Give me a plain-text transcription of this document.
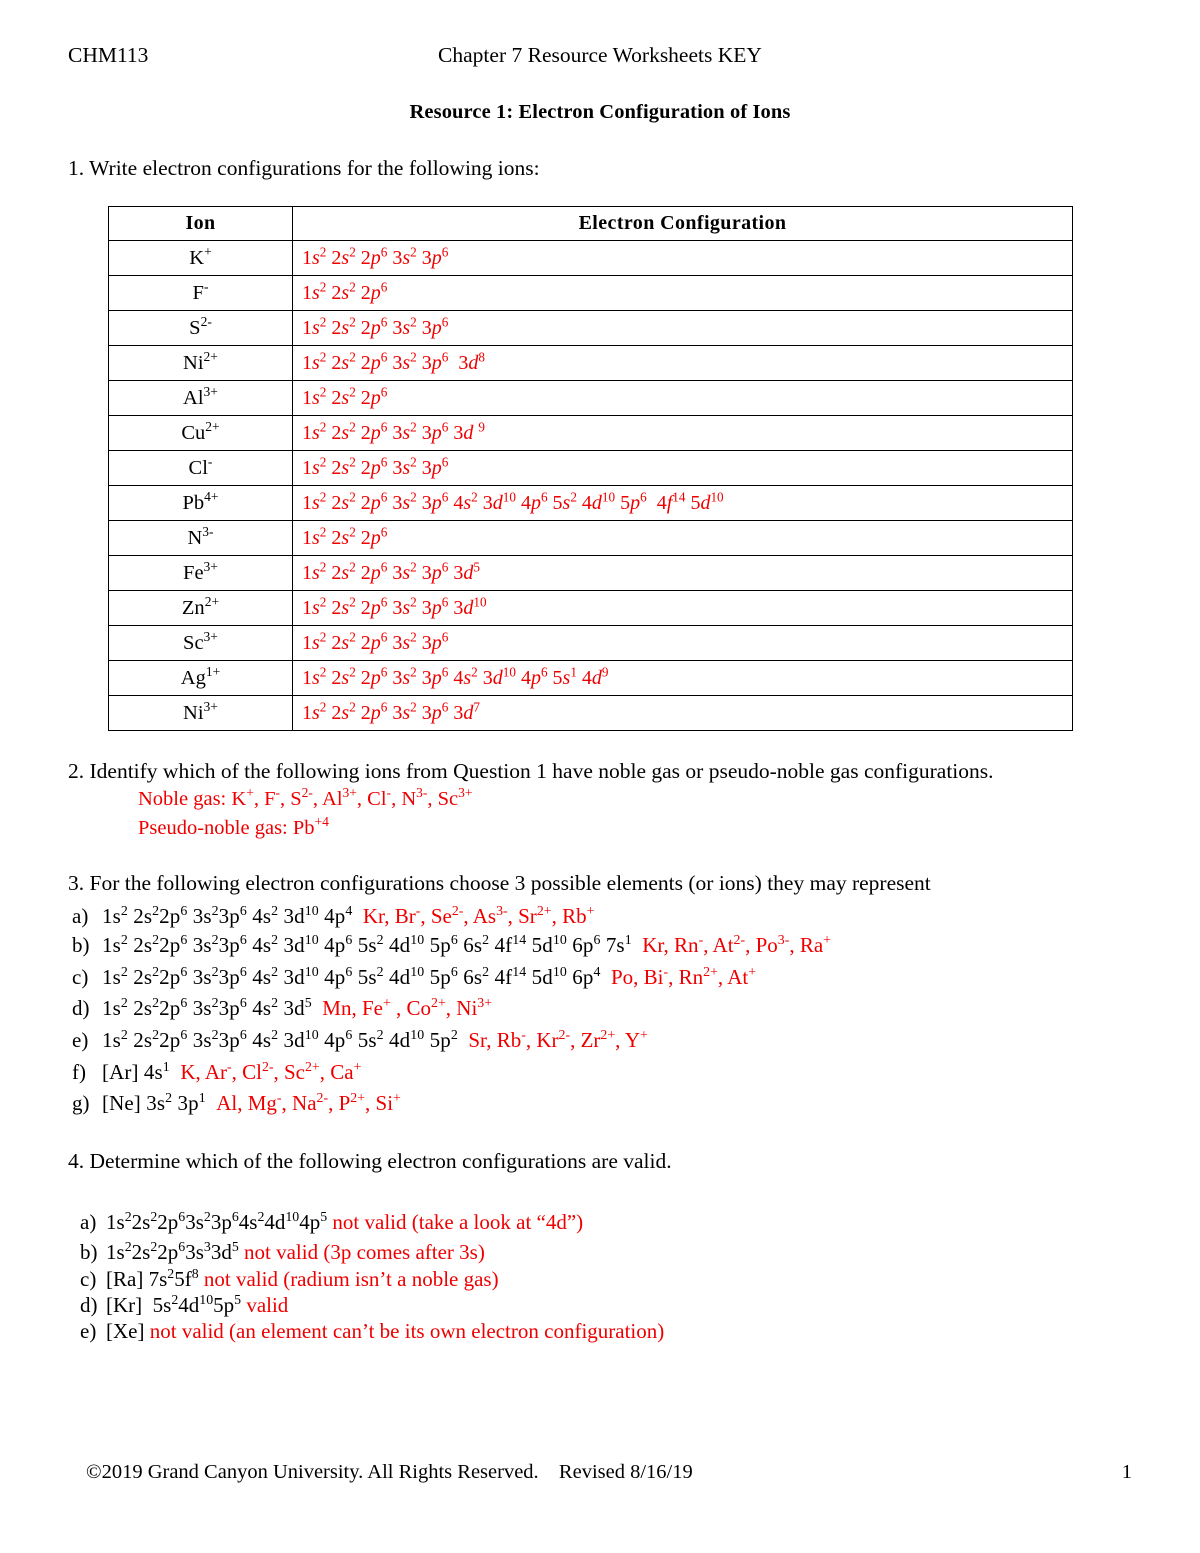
CHM113	Chapter 7 Resource Worksheets KEY
Resource 1: Electron Configuration of Ions
1. Write electron configurations for the following ions:
Ion	Electron Configuration
K+	$1s^2$ $2s^2$ $2p^6$ $3s^2$ $3p^6$
F-	$1s^2$ $2s^2$ $2p^6$
$S^{2-}$	$1s^2$ $2s^2$ $2p^6$ $3s^2$ $3p^6$
$Ni^{2+}$	$1s^2$ $2s^2$ $2p^6$ $3s^2$ $3p^6$  $3d^8$
$Al^{3+}$	$1s^2$ $2s^2$ $2p^6$
$Cu^{2+}$	$1s^2$ $2s^2$ $2p^6$ $3s^2$ $3p^6$ 3d $^9$
Cl-	$1s^2$ $2s^2$ $2p^6$ $3s^2$ $3p^6$
$Pb^{4+}$	$1s^2$ $2s^2$ $2p^6$ $3s^2$ $3p^6$ $4s^2$ $3d^{10}$ $4p^6$ $5s^2$ $4d^{10}$ $5p^6$  $4f^{14}$ $5d^{10}$
$N^{3-}$	$1s^2$ $2s^2$ $2p^6$
$Fe^{3+}$	$1s^2$ $2s^2$ $2p^6$ $3s^2$ $3p^6$ $3d^5$
$Zn^{2+}$	$1s^2$ $2s^2$ $2p^6$ $3s^2$ $3p^6$ $3d^{10}$
$Sc^{3+}$	$1s^2$ $2s^2$ $2p^6$ $3s^2$ $3p^6$
$Ag^{1+}$	$1s^2$ $2s^2$ $2p^6$ $3s^2$ $3p^6$ $4s^2$ $3d^{10}$ $4p^6$ $5s^1$ $4d^9$
$Ni^{3+}$	$1s^2$ $2s^2$ $2p^6$ $3s^2$ $3p^6$ $3d^7$
2. Identify which of the following ions from Question 1 have noble gas or pseudo-noble gas configurations.
Noble gas: K+, F-, $S^{2-}$, $Al^{3+}$, Cl-, $N^{3-}$, $Sc^{3+}$
Pseudo-noble gas: $Pb^{+4}$
3. For the following electron configurations choose 3 possible elements (or ions) they may represent
a) $1s^2$ $2s^22p^6$ $3s^23p^6$ $4s^2$ $3d^{10}$ $4p^4$  Kr, Br-, $Se^{2-}$, $As^{3-}$, $Sr^{2+}$, Rb+
b) $1s^2$ $2s^22p^6$ $3s^23p^6$ $4s^2$ $3d^{10}$ $4p^6$ $5s^2$ $4d^{10}$ $5p^6$ $6s^2$ $4f^{14}$ $5d^{10}$ $6p^6$ $7s^1$  Kr, Rn-, $At^{2-}$, $Po^{3-}$, Ra+
c) $1s^2$ $2s^22p^6$ $3s^23p^6$ $4s^2$ $3d^{10}$ $4p^6$ $5s^2$ $4d^{10}$ $5p^6$ $6s^2$ $4f^{14}$ $5d^{10}$ $6p^4$  Po, Bi-, $Rn^{2+}$, At+
d) $1s^2$ $2s^22p^6$ $3s^23p^6$ $4s^2$ $3d^5$  Mn, Fe+ , $Co^{2+}$, $Ni^{3+}$
e) $1s^2$ $2s^22p^6$ $3s^23p^6$ $4s^2$ $3d^{10}$ $4p^6$ $5s^2$ $4d^{10}$ $5p^2$  Sr, Rb-, $Kr^{2-}$, $Zr^{2+}$, Y+
f) [Ar] $4s^1$  K, Ar-, $Cl^{2-}$, $Sc^{2+}$, Ca+
g) [Ne] $3s^2$ $3p^1$  Al, Mg-, $Na^{2-}$, $P^{2+}$, Si+
4. Determine which of the following electron configurations are valid.
a) $1s^22s^22p^63s^23p^64s^24d^{10}4p^5$ not valid (take a look at “4d”)
b) $1s^22s^22p^63s^33d^5$ not valid (3p comes after 3s)
c) [Ra] $7s^25f^8$ not valid (radium isn’t a noble gas)
d) [Kr]  $5s^24d^{10}5p^5$ valid
e) [Xe] not valid (an element can’t be its own electron configuration)
©2019 Grand Canyon University. All Rights Reserved. Revised 8/16/19	1
